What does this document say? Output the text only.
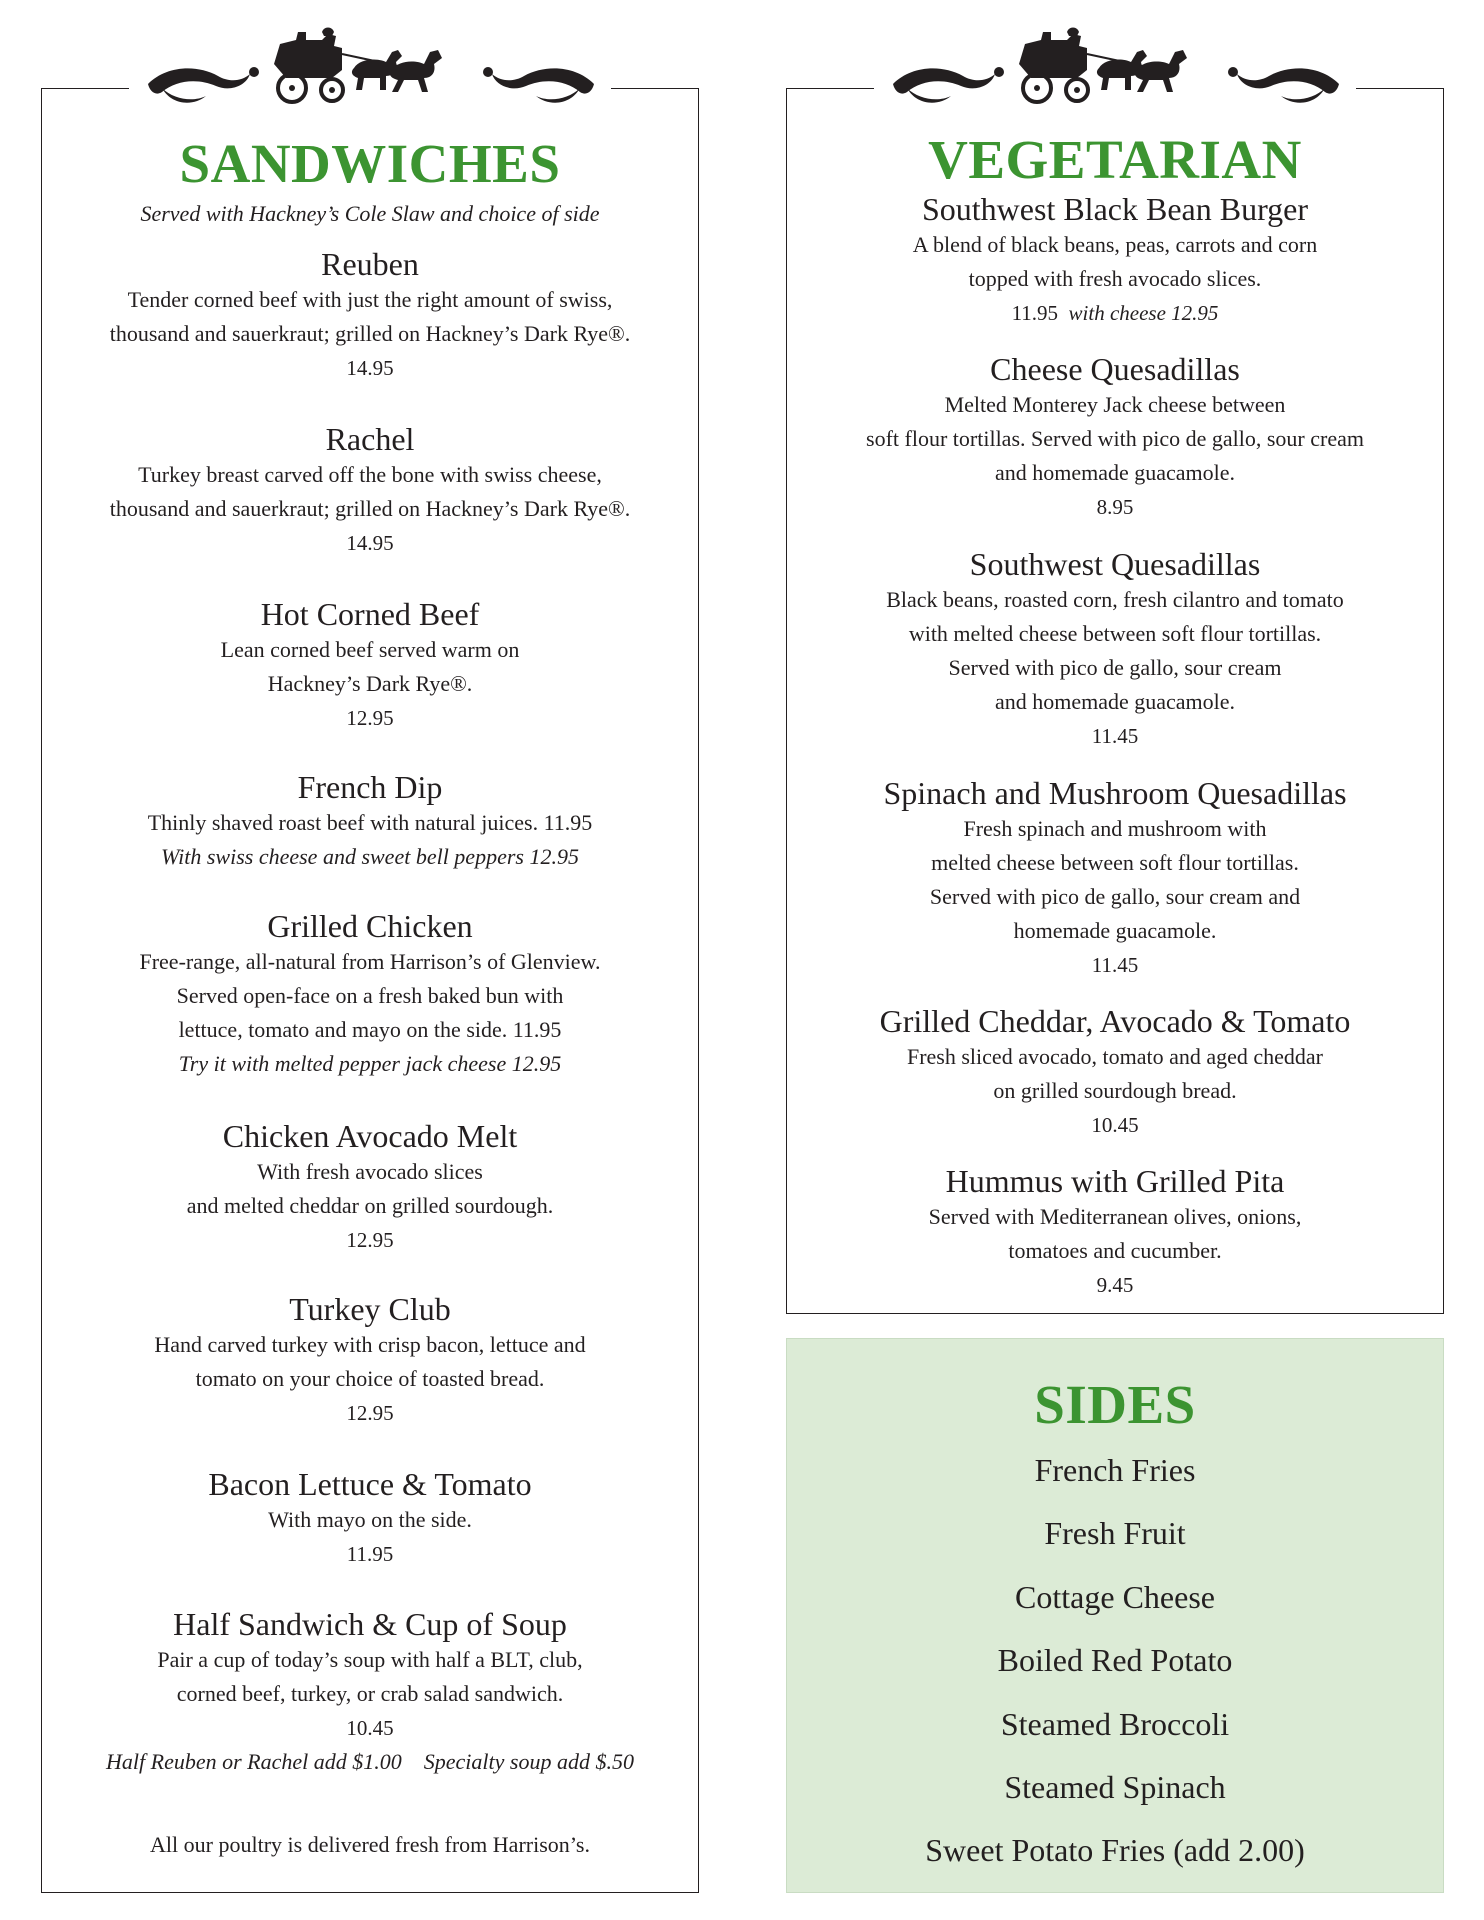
SANDWICHES

Served with Hackney’s Cole Slaw and choice of side

Reuben

Tender corned beef with just the right amount of swiss,
thousand and sauerkraut; grilled on Hackney’s Dark Rye®.

14.95

Rachel

Turkey breast carved off the bone with swiss cheese,
thousand and sauerkraut; grilled on Hackney’s Dark Rye®.

14.95

Hot Corned Beef

Lean corned beef served warm on
Hackney’s Dark Rye®.

12.95

French Dip

Thinly shaved roast beef with natural juices. 11.95

With swiss cheese and sweet bell peppers 12.95

Grilled Chicken

Free-range, all-natural from Harrison’s of Glenview.
Served open-face on a fresh baked bun with
lettuce, tomato and mayo on the side. 11.95

Try it with melted pepper jack cheese 12.95

Chicken Avocado Melt

With fresh avocado slices
and melted cheddar on grilled sourdough.

12.95

Turkey Club

Hand carved turkey with crisp bacon, lettuce and
tomato on your choice of toasted bread.

12.95

Bacon Lettuce & Tomato

With mayo on the side.

11.95

Half Sandwich & Cup of Soup

Pair a cup of today’s soup with half a BLT, club,
corned beef, turkey, or crab salad sandwich.

10.45

Half Reuben or Rachel add $1.00    Specialty soup add $.50

All our poultry is delivered fresh from Harrison’s.

VEGETARIAN

Southwest Black Bean Burger

A blend of black beans, peas, carrots and corn
topped with fresh avocado slices.

11.95 with cheese 12.95

Cheese Quesadillas

Melted Monterey Jack cheese between
soft flour tortillas. Served with pico de gallo, sour cream
and homemade guacamole.

8.95

Southwest Quesadillas

Black beans, roasted corn, fresh cilantro and tomato
with melted cheese between soft flour tortillas.
Served with pico de gallo, sour cream
and homemade guacamole.

11.45

Spinach and Mushroom Quesadillas

Fresh spinach and mushroom with
melted cheese between soft flour tortillas.
Served with pico de gallo, sour cream and
homemade guacamole.

11.45

Grilled Cheddar, Avocado & Tomato

Fresh sliced avocado, tomato and aged cheddar
on grilled sourdough bread.

10.45

Hummus with Grilled Pita

Served with Mediterranean olives, onions,
tomatoes and cucumber.

9.45

SIDES

French Fries

Fresh Fruit

Cottage Cheese

Boiled Red Potato

Steamed Broccoli

Steamed Spinach

Sweet Potato Fries (add 2.00)
